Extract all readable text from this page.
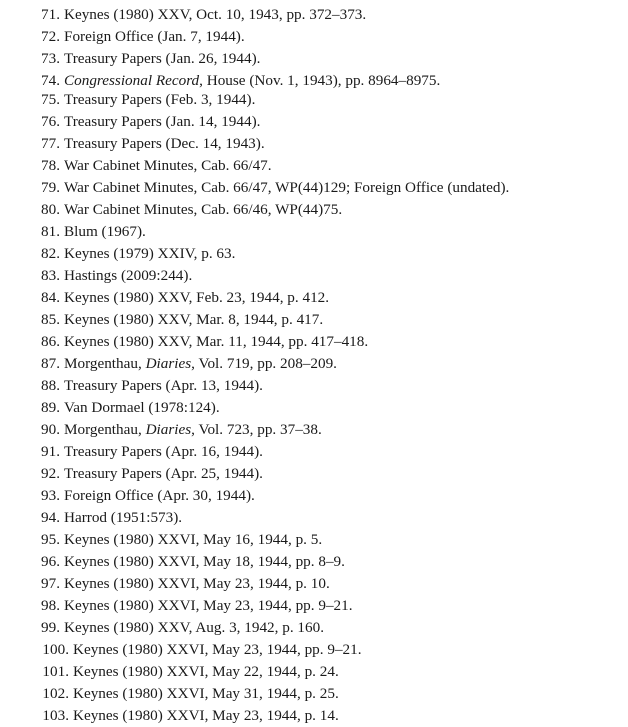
71. Keynes (1980) XXV, Oct. 10, 1943, pp. 372–373.
72. Foreign Office (Jan. 7, 1944).
73. Treasury Papers (Jan. 26, 1944).
74. Congressional Record, House (Nov. 1, 1943), pp. 8964–8975.
75. Treasury Papers (Feb. 3, 1944).
76. Treasury Papers (Jan. 14, 1944).
77. Treasury Papers (Dec. 14, 1943).
78. War Cabinet Minutes, Cab. 66/47.
79. War Cabinet Minutes, Cab. 66/47, WP(44)129; Foreign Office (undated).
80. War Cabinet Minutes, Cab. 66/46, WP(44)75.
81. Blum (1967).
82. Keynes (1979) XXIV, p. 63.
83. Hastings (2009:244).
84. Keynes (1980) XXV, Feb. 23, 1944, p. 412.
85. Keynes (1980) XXV, Mar. 8, 1944, p. 417.
86. Keynes (1980) XXV, Mar. 11, 1944, pp. 417–418.
87. Morgenthau, Diaries, Vol. 719, pp. 208–209.
88. Treasury Papers (Apr. 13, 1944).
89. Van Dormael (1978:124).
90. Morgenthau, Diaries, Vol. 723, pp. 37–38.
91. Treasury Papers (Apr. 16, 1944).
92. Treasury Papers (Apr. 25, 1944).
93. Foreign Office (Apr. 30, 1944).
94. Harrod (1951:573).
95. Keynes (1980) XXVI, May 16, 1944, p. 5.
96. Keynes (1980) XXVI, May 18, 1944, pp. 8–9.
97. Keynes (1980) XXVI, May 23, 1944, p. 10.
98. Keynes (1980) XXVI, May 23, 1944, pp. 9–21.
99. Keynes (1980) XXV, Aug. 3, 1942, p. 160.
100. Keynes (1980) XXVI, May 23, 1944, pp. 9–21.
101. Keynes (1980) XXVI, May 22, 1944, p. 24.
102. Keynes (1980) XXVI, May 31, 1944, p. 25.
103. Keynes (1980) XXVI, May 23, 1944, p. 14.
